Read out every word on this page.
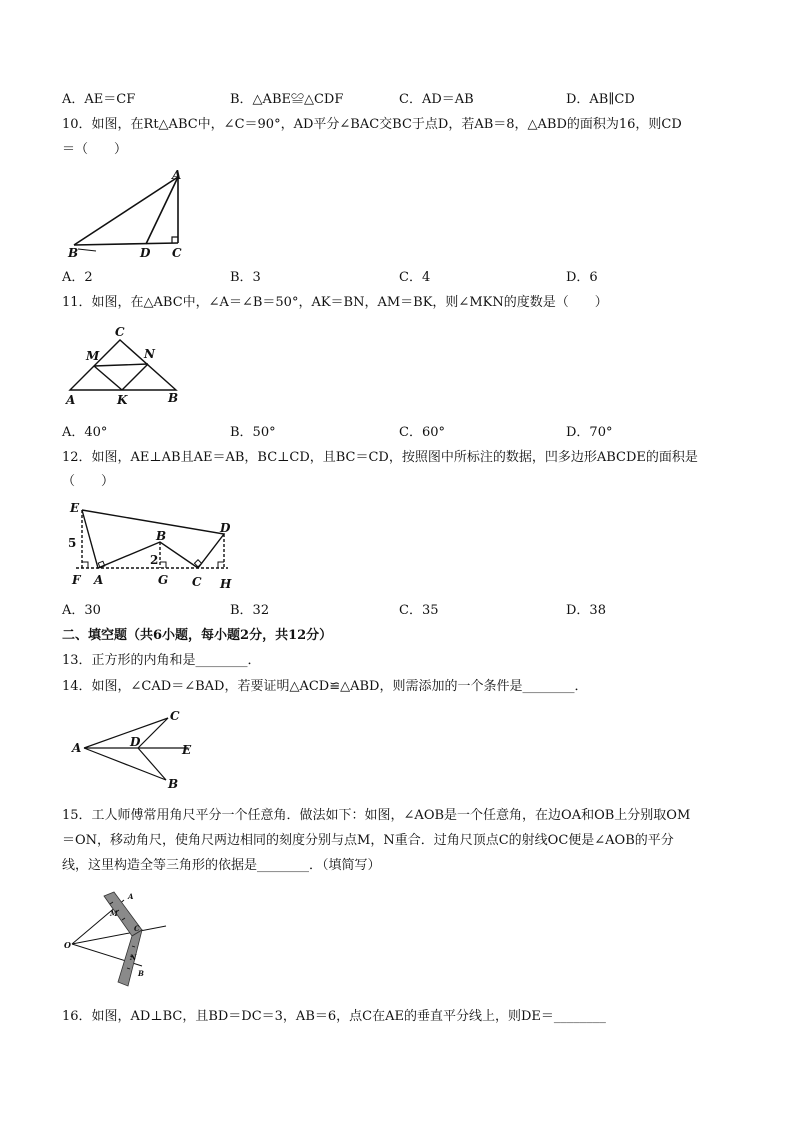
A．AE＝CF	B．△ABE≌△CDF	C．AD＝AB	D．AB∥CD
10．如图，在Rt△ABC中，∠C＝90°，AD平分∠BAC交BC于点D，若AB＝8，△ABD的面积为16，则CD
＝（　　）
A
B	D C
A．2	B．3	C．4	D．6
11．如图，在△ABC中，∠A＝∠B＝50°，AK＝BN，AM＝BK，则∠MKN的度数是（　　）
C
M	N
A	K	B
A．40°	B．50°	C．60°	D．70°
12．如图，AE⊥AB且AE＝AB，BC⊥CD，且BC＝CD，按照图中所标注的数据，凹多边形ABCDE的面积是
（　　）
E
D
B
5
2
F A	G C H
A．30	B．32	C．35	D．38
二、填空题（共6小题，每小题2分，共12分）
13．正方形的内角和是________．
14．如图，∠CAD＝∠BAD，若要证明△ACD≌△ABD，则需添加的一个条件是________．
A
C
D
E
B
15．工人师傅常用角尺平分一个任意角．做法如下：如图，∠AOB是一个任意角，在边OA和OB上分别取OM
＝ON，移动角尺，使角尺两边相同的刻度分别与点M，N重合．过角尺顶点C的射线OC便是∠AOB的平分
线，这里构造全等三角形的依据是________．（填简写）
O
A
M
C
N
B
16．如图，AD⊥BC，且BD＝DC＝3，AB＝6，点C在AE的垂直平分线上，则DE＝________
